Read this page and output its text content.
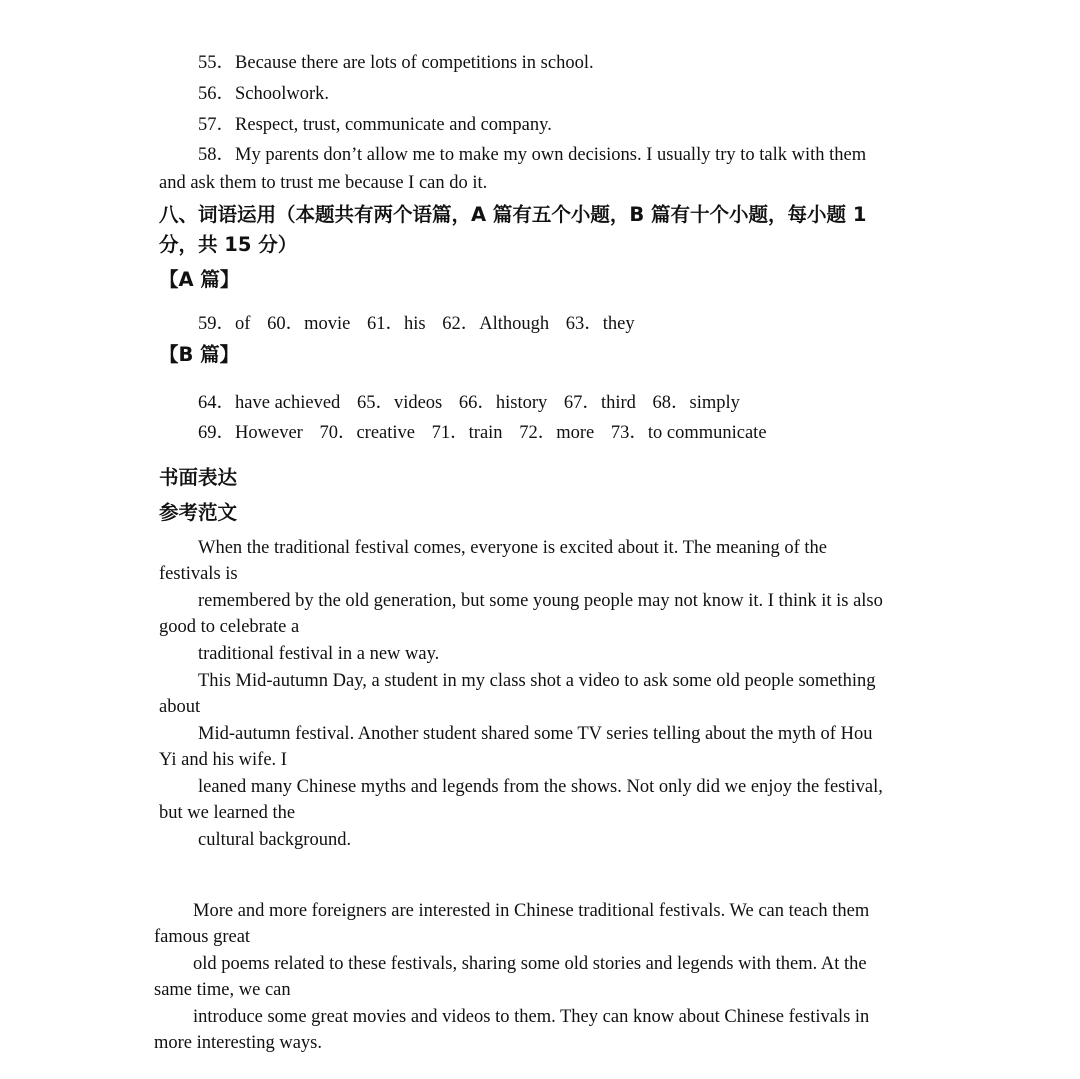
55．Because there are lots of competitions in school.
56．Schoolwork.
57．Respect, trust, communicate and company.
58．My parents don’t allow me to make my own decisions. I usually try to talk with them
and ask them to trust me because I can do it.
八、词语运用（本题共有两个语篇，A 篇有五个小题，B 篇有十个小题，每小题 1
分，共 15 分）
【A 篇】
59．of 60．movie 61．his 62．Although 63．they
【B 篇】
64．have achieved 65．videos 66．history 67．third 68．simply
69．However 70．creative 71．train 72．more 73．to communicate
书面表达
参考范文
When the traditional festival comes, everyone is excited about it. The meaning of the
festivals is
remembered by the old generation, but some young people may not know it. I think it is also
good to celebrate a
traditional festival in a new way.
This Mid-autumn Day, a student in my class shot a video to ask some old people something
about
Mid-autumn festival. Another student shared some TV series telling about the myth of Hou
Yi and his wife. I
leaned many Chinese myths and legends from the shows. Not only did we enjoy the festival,
but we learned the
cultural background.
More and more foreigners are interested in Chinese traditional festivals. We can teach them
famous great
old poems related to these festivals, sharing some old stories and legends with them. At the
same time, we can
introduce some great movies and videos to them. They can know about Chinese festivals in
more interesting ways.
